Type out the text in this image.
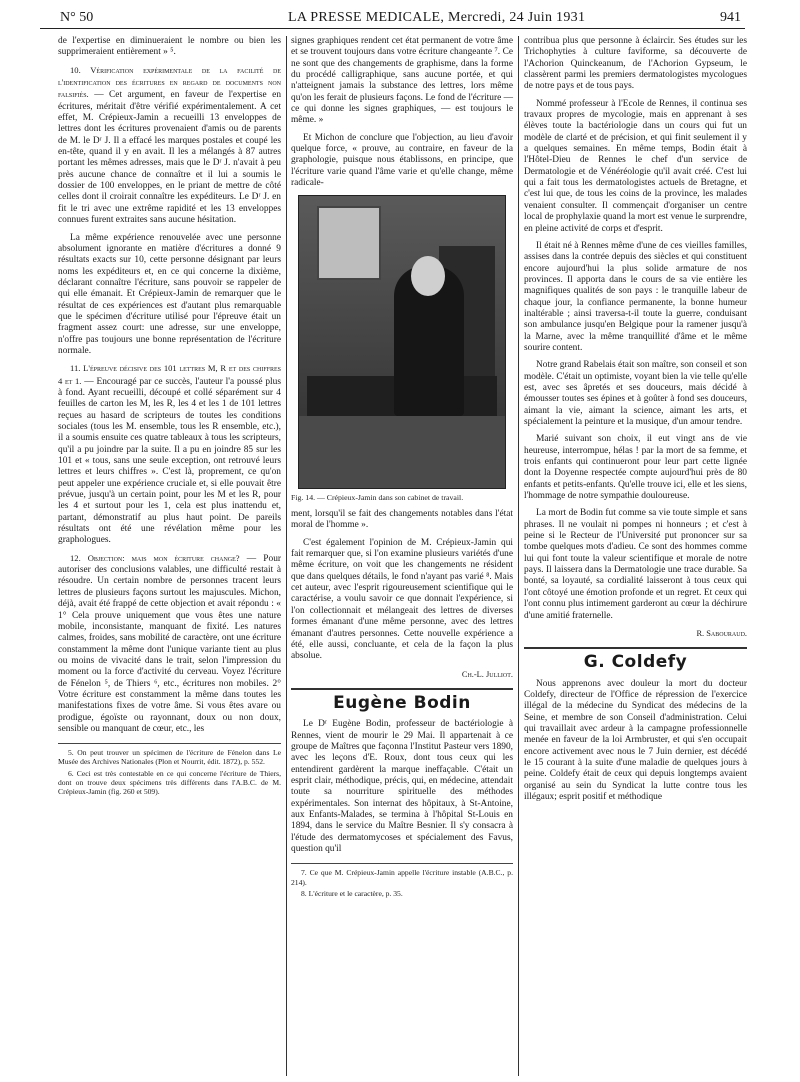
N° 50	LA PRESSE MEDICALE, Mercredi, 24 Juin 1931	941

de l'expertise en diminueraient le nombre ou bien les supprimeraient entièrement » ⁵.

10. Vérification expérimentale de la facilité de l'identification des écritures en regard de documents non falsifiés. — Cet argument, en faveur de l'expertise en écritures, méritait d'être vérifié expérimentalement. A cet effet, M. Crépieux-Jamin a recueilli 13 enveloppes de lettres dont les écritures provenaient d'amis ou de parents de M. le Dʳ J. Il a effacé les marques postales et coupé les en-tête, quand il y en avait. Il les a mélangés à 87 autres portant les mêmes adresses, mais que le Dʳ J. n'avait à peu près aucune chance de connaître et il lui a soumis le dossier de 100 enveloppes, en le priant de mettre de côté celles dont il croirait connaître les expéditeurs. Le Dʳ J. en fit le tri avec une extrême rapidité et les 13 enveloppes connues furent extraites sans aucune hésitation.

La même expérience renouvelée avec une personne absolument ignorante en matière d'écritures a donné 9 résultats exacts sur 10, cette personne désignant par leurs noms les expéditeurs et, en ce qui concerne la dixième, déclarant connaître l'écriture, sans pouvoir se rappeler de qui elle émanait. Et Crépieux-Jamin de remarquer que le résultat de ces expériences est d'autant plus remarquable que le spécimen d'écriture utilisé pour l'épreuve était un fragment assez court: une adresse, sur une enveloppe, n'offre pas toujours une bonne représentation de l'écriture normale.

11. L'épreuve décisive des 101 lettres M, R et des chiffres 4 et 1. — Encouragé par ce succès, l'auteur l'a poussé plus à fond. Ayant recueilli, découpé et collé séparément sur 4 feuilles de carton les M, les R, les 4 et les 1 de 101 lettres reçues au hasard de scripteurs de toutes les conditions sociales (tous les M. ensemble, tous les R ensemble, etc.), il a soumis ensuite ces quatre tableaux à tous les scripteurs, qu'il a pu joindre par la suite. Il a pu en joindre 85 sur les 101 et « tous, sans une seule exception, ont retrouvé leurs lettres et leurs chiffres ». C'est là, proprement, ce qu'on peut appeler une expérience cruciale et, si elle pouvait être prévue, jusqu'à un certain point, pour les M et les R, pour les 4 et surtout pour les 1, cela est plus inattendu et, partant, démonstratif au plus haut point. De pareils résultats ont été une révélation même pour les graphologues.

12. Objection: mais mon écriture change? — Pour autoriser des conclusions valables, une difficulté restait à résoudre. Un certain nombre de personnes tracent leurs lettres de plusieurs façons surtout les majuscules. Michon, déjà, avait été frappé de cette objection et avait répondu : « 1° Cela prouve uniquement que vous êtes une nature mobile, inconsistante, manquant de fixité. Les natures calmes, froides, sans mobilité de caractère, ont une écriture constamment la même dont l'unique variante tient au plus ou moins de vivacité dans le trait, selon l'impression du moment ou la force d'activité du cerveau. Voyez l'écriture de Fénelon ⁵, de Thiers ⁶, etc., écritures non mobiles. 2° Votre écriture est constamment la même dans toutes les manifestations fixes de votre âme. Si vous êtes avare ou prodigue, égoïste ou rayonnant, doux ou non doux, sensible ou manquant de cœur, etc., les

5. On peut trouver un spécimen de l'écriture de Fénelon dans Le Musée des Archives Nationales (Plon et Nourrit, édit. 1872), p. 552.
6. Ceci est très contestable en ce qui concerne l'écriture de Thiers, dont on trouve deux spécimens très différents dans l'A.B.C. de M. Crépieux-Jamin (fig. 260 et 509).

signes graphiques rendent cet état permanent de votre âme et se trouvent toujours dans votre écriture changeante ⁷. Ce ne sont que des changements de graphisme, dans la forme du procédé calligraphique, sans aucune portée, et qui n'atteignent jamais la substance des lettres, lors même qu'on les ferait de plusieurs façons. Le fond de l'écriture — ce qui donne les signes graphiques, — est toujours le même. »

Et Michon de conclure que l'objection, au lieu d'avoir quelque force, « prouve, au contraire, en faveur de la graphologie, puisque nous établissons, en principe, que l'écriture varie quand l'âme varie et qu'elle change, même radicale-

Fig. 14. — Crépieux-Jamin dans son cabinet de travail.

ment, lorsqu'il se fait des changements notables dans l'état moral de l'homme ».

C'est également l'opinion de M. Crépieux-Jamin qui fait remarquer que, si l'on examine plusieurs variétés d'une même écriture, on voit que les changements ne résident que dans quelques détails, le fond n'ayant pas varié ⁸. Mais cet auteur, avec l'esprit rigoureusement scientifique qui le caractérise, a voulu savoir ce que donnait l'expérience, si l'on collectionnait et mélangeait des lettres de diverses formes émanant d'une même personne, avec des lettres émanant d'autres personnes. Cette nouvelle expérience a été, elle aussi, concluante, et cela de la façon la plus absolue.

Ch.-L. Julliot.
Eugène Bodin

Le Dʳ Eugène Bodin, professeur de bactériologie à Rennes, vient de mourir le 29 Mai. Il appartenait à ce groupe de Maîtres que façonna l'Institut Pasteur vers 1890, avec les leçons d'E. Roux, dont tous ceux qui les entendirent gardèrent la marque ineffaçable. C'était un esprit clair, méthodique, précis, qui, en médecine, attendait toute sa nourriture spirituelle des méthodes expérimentales. Son internat des hôpitaux, à St-Antoine, aux Enfants-Malades, se termina à l'hôpital St-Louis en 1894, dans le service du Maître Besnier. Il s'y consacra à l'étude des dermatomycoses et spécialement des Favus, question qu'il

7. Ce que M. Crépieux-Jamin appelle l'écriture instable (A.B.C., p. 214).
8. L'écriture et le caractère, p. 35.

contribua plus que personne à éclaircir. Ses études sur les Trichophyties à culture faviforme, sa découverte de l'Achorion Quinckeanum, de l'Achorion Gypseum, le classèrent parmi les premiers dermatologistes mycologues de notre pays et de tous pays.

Nommé professeur à l'Ecole de Rennes, il continua ses travaux propres de mycologie, mais en apprenant à ses élèves toute la bactériologie dans un cours qui fut un modèle de clarté et de précision, et qui finit seulement il y a quelques semaines. En même temps, Bodin était à l'Hôtel-Dieu de Rennes le chef d'un service de Dermatologie et de Vénéréologie qu'il avait créé. C'est lui qui a fait tous les dermatologistes actuels de Bretagne, et c'est lui que, de tous les coins de la province, les malades venaient consulter. Il commençait d'organiser un centre local de prophylaxie quand la mort est venue le surprendre, en pleine activité de corps et d'esprit.

Il était né à Rennes même d'une de ces vieilles familles, assises dans la contrée depuis des siècles et qui constituent encore aujourd'hui la plus solide armature de nos provinces. Il apporta dans le cours de sa vie entière les magnifiques qualités de son pays : le tranquille labeur de chaque jour, la confiance permanente, la bonne humeur inaltérable ; ainsi traversa-t-il toute la guerre, conduisant son ambulance jusqu'en Belgique pour la ramener jusqu'à la Marne, avec la même tranquillité d'âme et le même sourire content.

Notre grand Rabelais était son maître, son conseil et son modèle. C'était un optimiste, voyant bien la vie telle qu'elle est, avec ses âpretés et ses douceurs, mais décidé à émousser toutes ses épines et à goûter à fond ses douceurs, aimant la vie, aimant la science, aimant les arts, et spécialement la peinture et la musique, d'un amour tendre.

Marié suivant son choix, il eut vingt ans de vie heureuse, interrompue, hélas ! par la mort de sa femme, et trois enfants qui continueront pour leur part cette lignée dont la Doyenne respectée compte aujourd'hui près de 80 enfants et petits-enfants. Qu'elle trouve ici, elle et les siens, l'hommage de notre sympathie douloureuse.

La mort de Bodin fut comme sa vie toute simple et sans phrases. Il ne voulait ni pompes ni honneurs ; et c'est à peine si le Recteur de l'Université put prononcer sur sa tombe quelques mots d'adieu. Ce sont des hommes comme lui qui font toute la valeur scientifique et morale de notre pays. Il laissera dans la Dermatologie une trace durable. Sa bonté, sa loyauté, sa cordialité laisseront à tous ceux qui l'ont côtoyé une émotion profonde et un regret. Et ceux qui l'ont connu plus intimement garderont au cœur la déchirure d'une amitié fraternelle.

R. Sabouraud.
G. Coldefy

Nous apprenons avec douleur la mort du docteur Coldefy, directeur de l'Office de répression de l'exercice illégal de la médecine du Syndicat des médecins de la Seine, et membre de son Conseil d'administration. Celui qui travaillait avec ardeur à la campagne professionnelle menée en faveur de la loi Armbruster, et qui s'en occupait encore activement avec nous le 7 Juin dernier, est décédé le 15 courant à la suite d'une maladie de quelques jours à peine. Coldefy était de ceux qui depuis longtemps avaient organisé au sein du Syndicat la lutte contre tous les illégaux; esprit positif et méthodique
